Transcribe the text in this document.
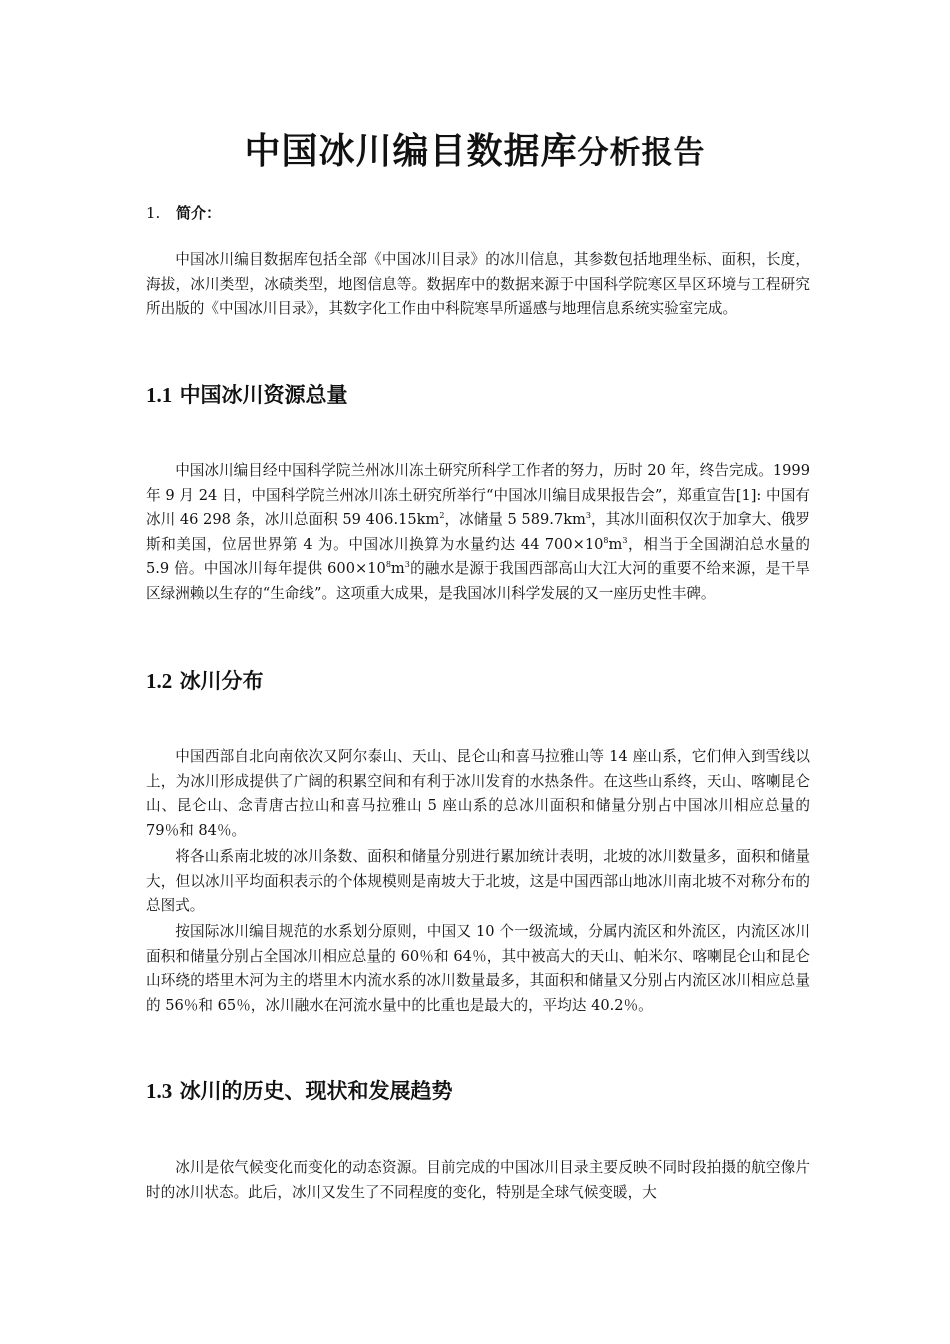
中国冰川编目数据库分析报告
1. 简介：
中国冰川编目数据库包括全部《中国冰川目录》的冰川信息，其参数包括地理坐标、面积，长度，海拔，冰川类型，冰碛类型，地图信息等。数据库中的数据来源于中国科学院寒区旱区环境与工程研究所出版的《中国冰川目录》，其数字化工作由中科院寒旱所遥感与地理信息系统实验室完成。
1.1 中国冰川资源总量
中国冰川编目经中国科学院兰州冰川冻土研究所科学工作者的努力，历时 20 年，终告完成。1999 年 9 月 24 日，中国科学院兰州冰川冻土研究所举行“中国冰川编目成果报告会”，郑重宣告[1]: 中国有冰川 46 298 条，冰川总面积 59 $406.15km^2$，冰储量 5 $589.7km^3$，其冰川面积仅次于加拿大、俄罗斯和美国，位居世界第 4 为。中国冰川换算为水量约达 44 $700\times 10^8m^3$，相当于全国湖泊总水量的 5.9 倍。中国冰川每年提供 $600\times 10^8m^3$的融水是源于我国西部高山大江大河的重要不给来源，是干旱区绿洲赖以生存的“生命线”。这项重大成果，是我国冰川科学发展的又一座历史性丰碑。
1.2 冰川分布
中国西部自北向南依次又阿尔泰山、天山、昆仑山和喜马拉雅山等 14 座山系，它们伸入到雪线以上，为冰川形成提供了广阔的积累空间和有利于冰川发育的水热条件。在这些山系终，天山、喀喇昆仑山、昆仑山、念青唐古拉山和喜马拉雅山 5 座山系的总冰川面积和储量分别占中国冰川相应总量的 79％和 84％。
将各山系南北坡的冰川条数、面积和储量分别进行累加统计表明，北坡的冰川数量多，面积和储量大，但以冰川平均面积表示的个体规模则是南坡大于北坡，这是中国西部山地冰川南北坡不对称分布的总图式。
按国际冰川编目规范的水系划分原则，中国又 10 个一级流域，分属内流区和外流区，内流区冰川面积和储量分别占全国冰川相应总量的 60％和 64％，其中被高大的天山、帕米尔、喀喇昆仑山和昆仑山环绕的塔里木河为主的塔里木内流水系的冰川数量最多，其面积和储量又分别占内流区冰川相应总量的 56％和 65％，冰川融水在河流水量中的比重也是最大的，平均达 40.2％。
1.3 冰川的历史、现状和发展趋势
冰川是依气候变化而变化的动态资源。目前完成的中国冰川目录主要反映不同时段拍摄的航空像片时的冰川状态。此后，冰川又发生了不同程度的变化，特别是全球气候变暖，大
